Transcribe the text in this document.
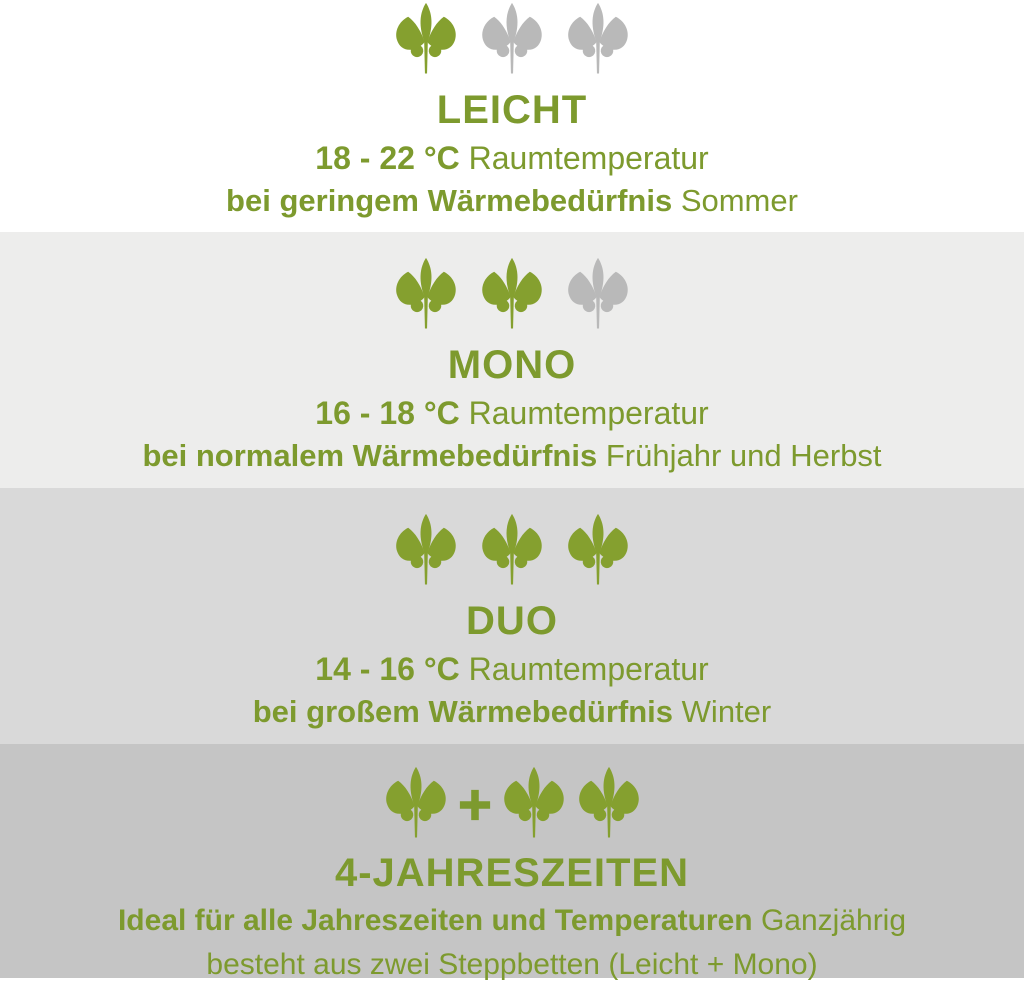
LEICHT

18 - 22 °C Raumtemperatur

bei geringem Wärmebedürfnis Sommer

MONO

16 - 18 °C Raumtemperatur

bei normalem Wärmebedürfnis Frühjahr und Herbst

DUO

14 - 16 °C Raumtemperatur

bei großem Wärmebedürfnis Winter

4-JAHRESZEITEN

Ideal für alle Jahreszeiten und Temperaturen Ganzjährig

besteht aus zwei Steppbetten (Leicht + Mono)
